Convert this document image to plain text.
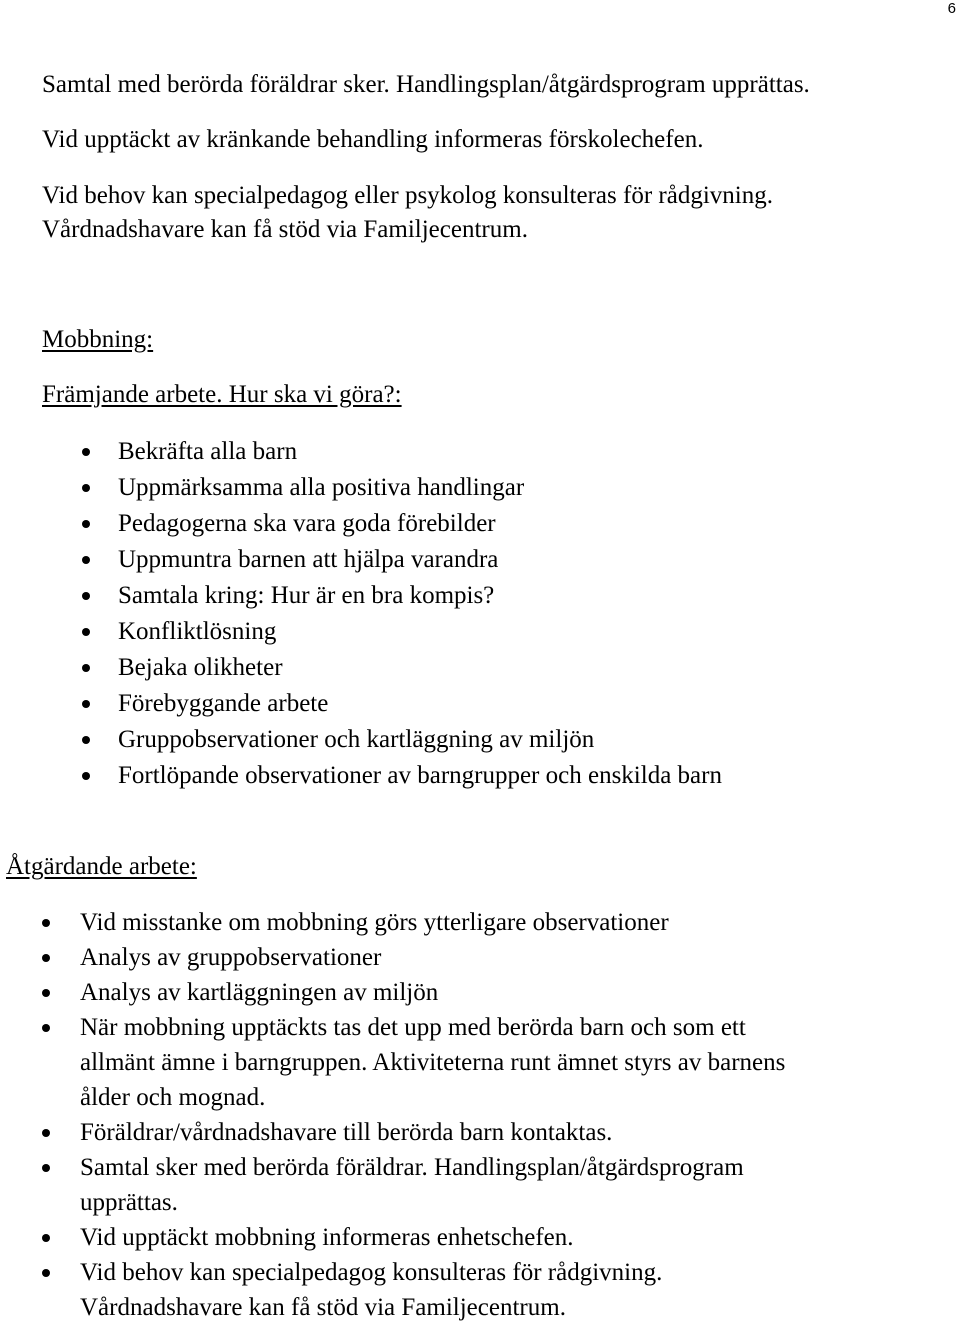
6
Samtal med berörda föräldrar sker. Handlingsplan/åtgärdsprogram upprättas.
Vid upptäckt av kränkande behandling informeras förskolechefen.
Vid behov kan specialpedagog eller psykolog konsulteras för rådgivning.
Vårdnadshavare kan få stöd via Familjecentrum.
Mobbning:
Främjande arbete. Hur ska vi göra?:
Bekräfta alla barn
Uppmärksamma alla positiva handlingar
Pedagogerna ska vara goda förebilder
Uppmuntra barnen att hjälpa varandra
Samtala kring: Hur är en bra kompis?
Konfliktlösning
Bejaka olikheter
Förebyggande arbete
Gruppobservationer och kartläggning av miljön
Fortlöpande observationer av barngrupper och enskilda barn
Åtgärdande arbete:
Vid misstanke om mobbning görs ytterligare observationer
Analys av gruppobservationer
Analys av kartläggningen av miljön
När mobbning upptäckts tas det upp med berörda barn och som ett
allmänt ämne i barngruppen. Aktiviteterna runt ämnet styrs av barnens
ålder och mognad.
Föräldrar/vårdnadshavare till berörda barn kontaktas.
Samtal sker med berörda föräldrar. Handlingsplan/åtgärdsprogram
upprättas.
Vid upptäckt mobbning informeras enhetschefen.
Vid behov kan specialpedagog konsulteras för rådgivning.
Vårdnadshavare kan få stöd via Familjecentrum.
